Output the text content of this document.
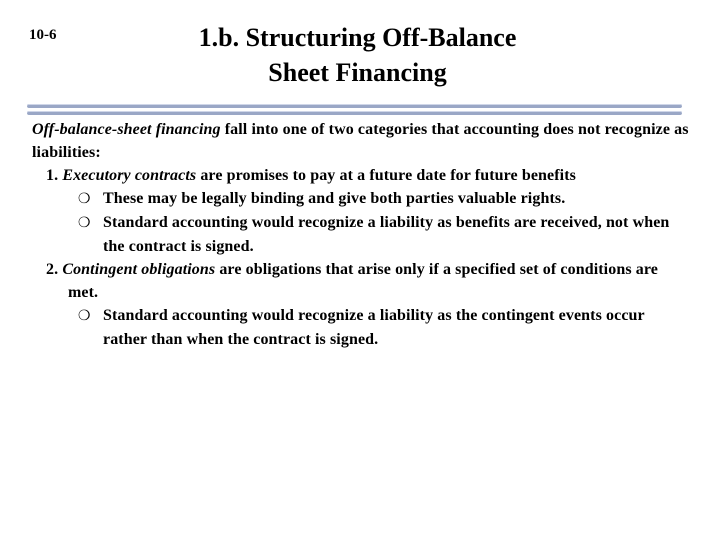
10-6	1.b. Structuring Off-Balance
Sheet Financing

Off-balance-sheet financing fall into one of two categories that accounting does not recognize as liabilities:

1. Executory contracts are promises to pay at a future date for future benefits

❍ These may be legally binding and give both parties valuable rights.

❍ Standard accounting would recognize a liability as benefits are received, not when the contract is signed.

2. Contingent obligations are obligations that arise only if a specified set of conditions are met.

❍ Standard accounting would recognize a liability as the contingent events occur rather than when the contract is signed.
